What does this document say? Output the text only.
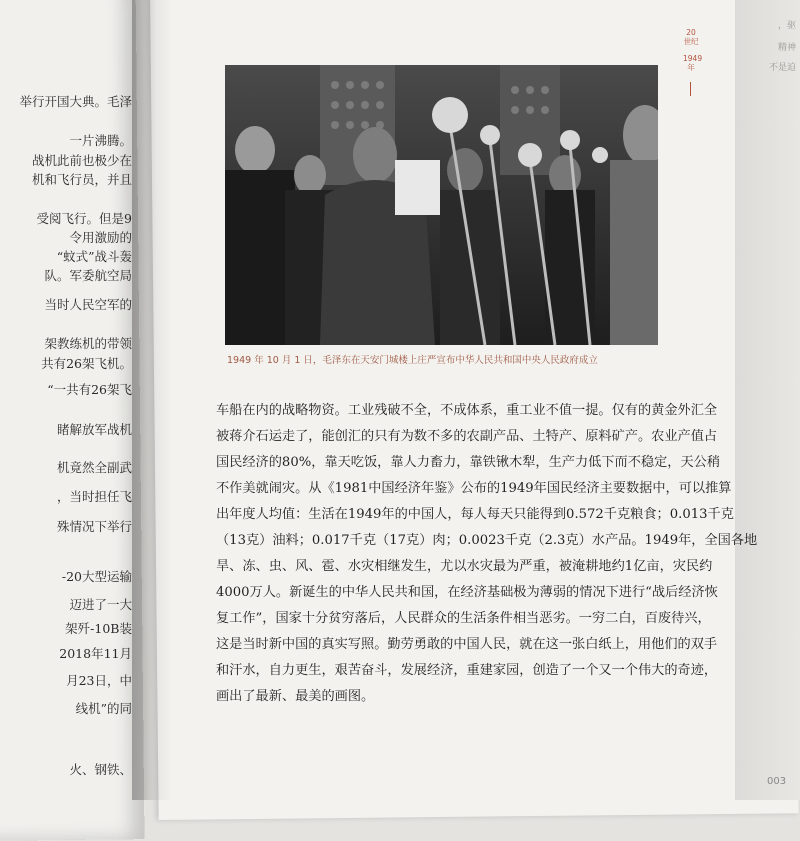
举行开国大典。毛泽
一片沸腾。
战机此前也极少在
机和飞行员，并且
受阅飞行。但是9
令用激励的
“蚊式”战斗轰
队。军委航空局
当时人民空军的
架教练机的带领
共有26架飞机。
“一共有26架飞
睹解放军战机
机竟然全副武
，当时担任飞
殊情况下举行
-20大型运输
迈进了一大
架歼-10B装
2018年11月
月23日，中
线机”的同
火、钢铁、
，驱
精神
不是迫
20世纪
1949年
1949 年 10 月 1 日，毛泽东在天安门城楼上庄严宣布中华人民共和国中央人民政府成立
车船在内的战略物资。工业残破不全，不成体系，重工业不值一提。仅有的黄金外汇全
被蒋介石运走了，能创汇的只有为数不多的农副产品、土特产、原料矿产。农业产值占
国民经济的80%，靠天吃饭，靠人力畜力，靠铁锹木犁，生产力低下而不稳定，天公稍
不作美就闹灾。从《1981中国经济年鉴》公布的1949年国民经济主要数据中，可以推算
出年度人均值：生活在1949年的中国人，每人每天只能得到0.572千克粮食；0.013千克
（13克）油料；0.017千克（17克）肉；0.0023千克（2.3克）水产品。1949年，全国各地
旱、冻、虫、风、雹、水灾相继发生，尤以水灾最为严重，被淹耕地约1亿亩，灾民约
4000万人。新诞生的中华人民共和国，在经济基础极为薄弱的情况下进行“战后经济恢
复工作”，国家十分贫穷落后，人民群众的生活条件相当恶劣。一穷二白，百废待兴，
这是当时新中国的真实写照。勤劳勇敢的中国人民，就在这一张白纸上，用他们的双手
和汗水，自力更生，艰苦奋斗，发展经济，重建家园，创造了一个又一个伟大的奇迹，
画出了最新、最美的画图。
003
